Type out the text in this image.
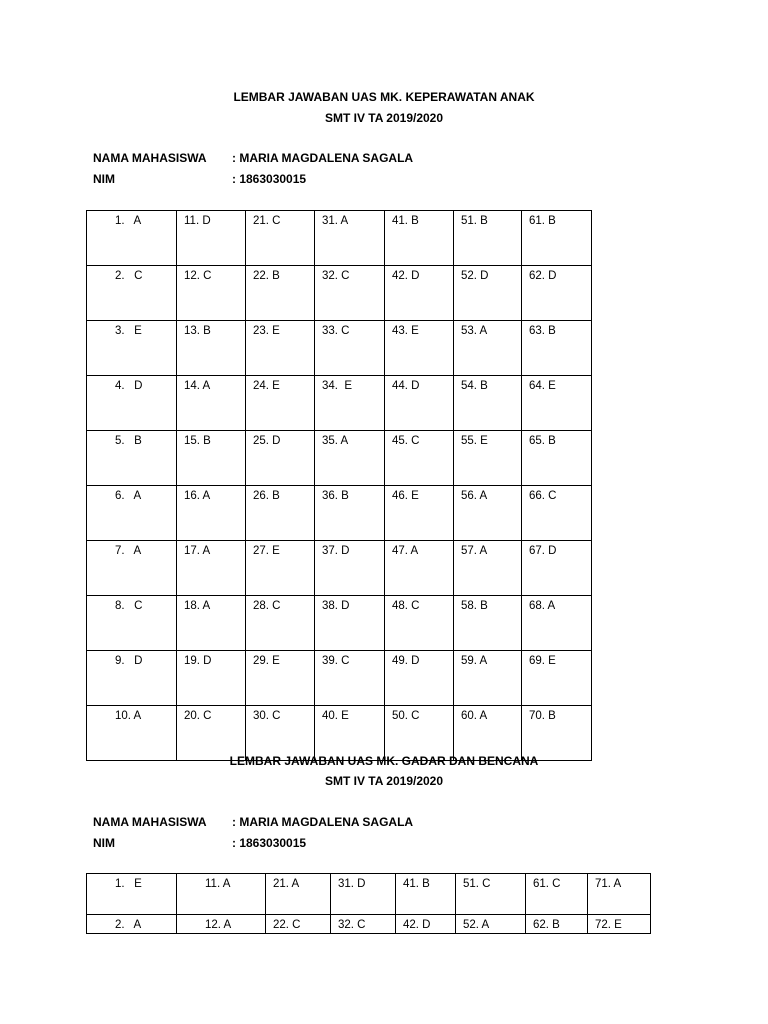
LEMBAR JAWABAN UAS MK. KEPERAWATAN ANAK
SMT IV TA 2019/2020
NAMA MAHASISWA : MARIA MAGDALENA SAGALA
NIM	: 1863030015
1.   A	11. D	21. C	31. A	41. B	51. B	61. B
2.   C	12. C	22. B	32. C	42. D	52. D	62. D
3.   E	13. B	23. E	33. C	43. E	53. A	63. B
4.   D	14. A	24. E	34.  E	44. D	54. B	64. E
5.   B	15. B	25. D	35. A	45. C	55. E	65. B
6.   A	16. A	26. B	36. B	46. E	56. A	66. C
7.   A	17. A	27. E	37. D	47. A	57. A	67. D
8.   C	18. A	28. C	38. D	48. C	58. B	68. A
9.   D	19. D	29. E	39. C	49. D	59. A	69. E
10. A	20. C	30. C	40. E	50. C	60. A	70. B
LEMBAR JAWABAN UAS MK. GADAR DAN BENCANA
SMT IV TA 2019/2020
NAMA MAHASISWA : MARIA MAGDALENA SAGALA
NIM	: 1863030015
1.   E	11. A	21. A	31. D	41. B	51. C	61. C	71. A
2.   A	12. A	22. C	32. C	42. D	52. A	62. B	72. E
